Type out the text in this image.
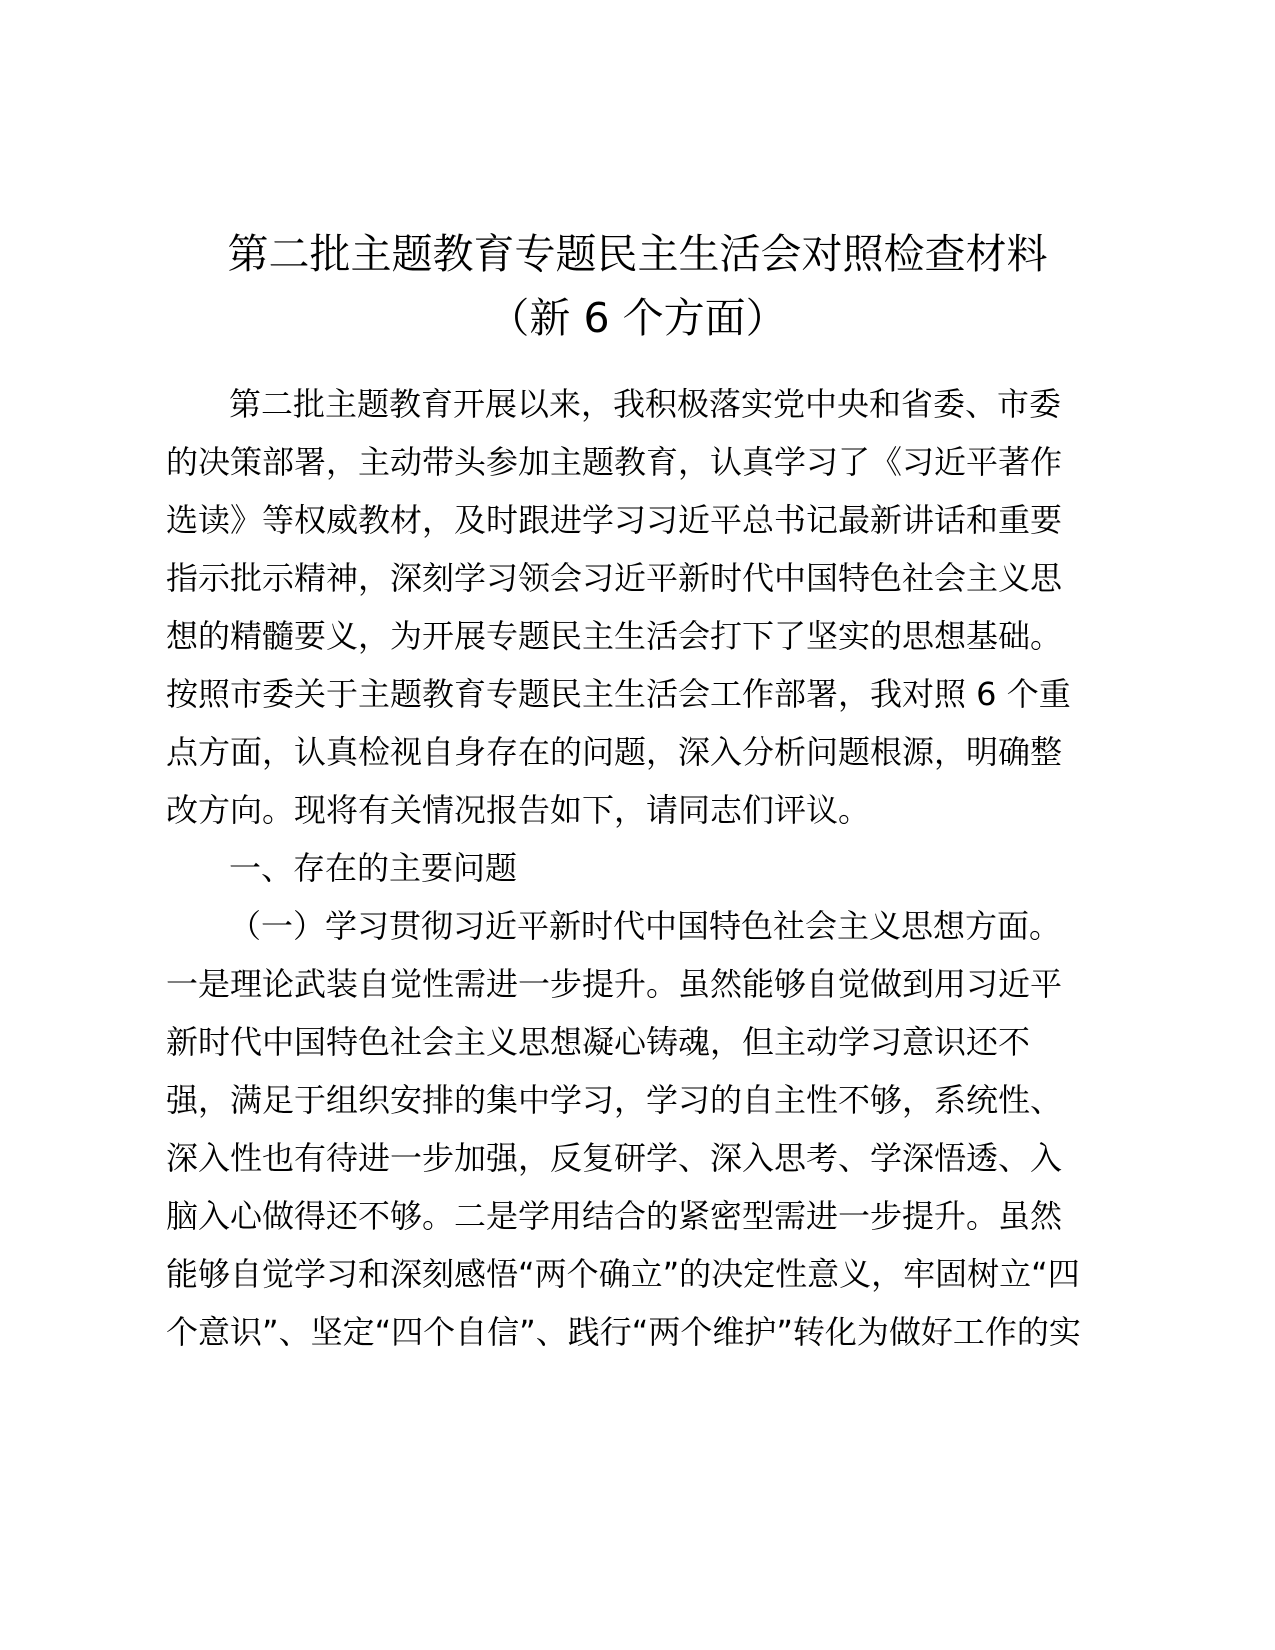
第二批主题教育专题民主生活会对照检查材料
（新 6 个方面）
第二批主题教育开展以来，我积极落实党中央和省委、市委
的决策部署，主动带头参加主题教育，认真学习了《习近平著作
选读》等权威教材，及时跟进学习习近平总书记最新讲话和重要
指示批示精神，深刻学习领会习近平新时代中国特色社会主义思
想的精髓要义，为开展专题民主生活会打下了坚实的思想基础。
按照市委关于主题教育专题民主生活会工作部署，我对照 6 个重
点方面，认真检视自身存在的问题，深入分析问题根源，明确整
改方向。现将有关情况报告如下，请同志们评议。
一、存在的主要问题
（一）学习贯彻习近平新时代中国特色社会主义思想方面。
一是理论武装自觉性需进一步提升。虽然能够自觉做到用习近平
新时代中国特色社会主义思想凝心铸魂，但主动学习意识还不
强，满足于组织安排的集中学习，学习的自主性不够，系统性、
深入性也有待进一步加强，反复研学、深入思考、学深悟透、入
脑入心做得还不够。二是学用结合的紧密型需进一步提升。虽然
能够自觉学习和深刻感悟“两个确立”的决定性意义，牢固树立“四
个意识”、坚定“四个自信”、践行“两个维护”转化为做好工作的实
